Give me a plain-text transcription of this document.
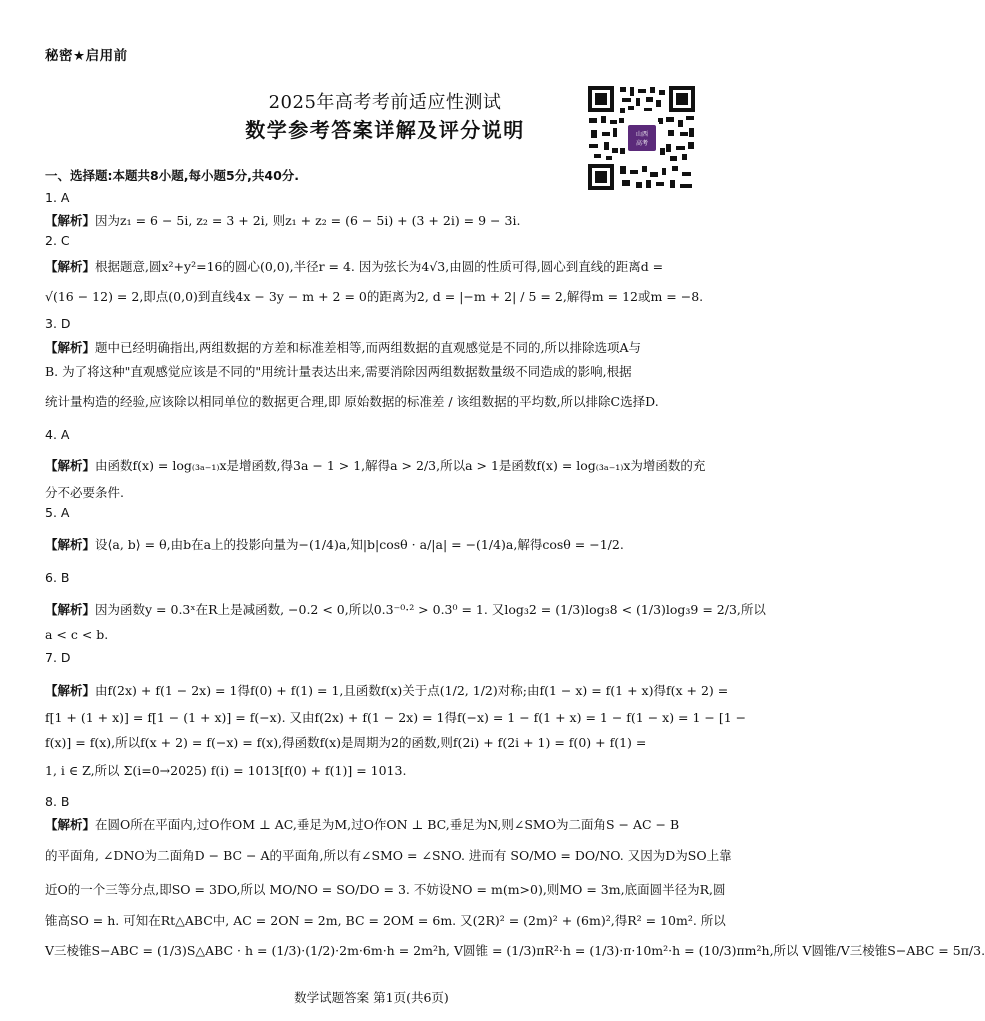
秘密★启用前
2025年高考考前适应性测试
数学参考答案详解及评分说明	山西
高考
一、选择题:本题共8小题,每小题5分,共40分.
1. A
【解析】因为z₁ = 6 − 5i, z₂ = 3 + 2i, 则z₁ + z₂ = (6 − 5i) + (3 + 2i) = 9 − 3i.
2. C
【解析】根据题意,圆x²+y²=16的圆心(0,0),半径r = 4. 因为弦长为4√3,由圆的性质可得,圆心到直线的距离d =
√(16 − 12) = 2,即点(0,0)到直线4x − 3y − m + 2 = 0的距离为2, d = |−m + 2| / 5 = 2,解得m = 12或m = −8.
3. D
【解析】题中已经明确指出,两组数据的方差和标准差相等,而两组数据的直观感觉是不同的,所以排除选项A与
B. 为了将这种"直观感觉应该是不同的"用统计量表达出来,需要消除因两组数据数量级不同造成的影响,根据
统计量构造的经验,应该除以相同单位的数据更合理,即 原始数据的标准差 / 该组数据的平均数,所以排除C选择D.
4. A
【解析】由函数f(x) = log₍₃ₐ₋₁₎x是增函数,得3a − 1 > 1,解得a > 2/3,所以a > 1是函数f(x) = log₍₃ₐ₋₁₎x为增函数的充
分不必要条件.
5. A
【解析】设⟨a, b⟩ = θ,由b在a上的投影向量为−(1/4)a,知|b|cosθ · a/|a| = −(1/4)a,解得cosθ = −1/2.
6. B
【解析】因为函数y = 0.3ˣ在R上是减函数, −0.2 < 0,所以0.3⁻⁰·² > 0.3⁰ = 1. 又log₃2 = (1/3)log₃8 < (1/3)log₃9 = 2/3,所以
a < c < b.
7. D
【解析】由f(2x) + f(1 − 2x) = 1得f(0) + f(1) = 1,且函数f(x)关于点(1/2, 1/2)对称;由f(1 − x) = f(1 + x)得f(x + 2) =
f[1 + (1 + x)] = f[1 − (1 + x)] = f(−x). 又由f(2x) + f(1 − 2x) = 1得f(−x) = 1 − f(1 + x) = 1 − f(1 − x) = 1 − [1 −
f(x)] = f(x),所以f(x + 2) = f(−x) = f(x),得函数f(x)是周期为2的函数,则f(2i) + f(2i + 1) = f(0) + f(1) =
1, i ∈ Z,所以 Σ(i=0→2025) f(i) = 1013[f(0) + f(1)] = 1013.
8. B
【解析】在圆O所在平面内,过O作OM ⊥ AC,垂足为M,过O作ON ⊥ BC,垂足为N,则∠SMO为二面角S − AC − B
的平面角, ∠DNO为二面角D − BC − A的平面角,所以有∠SMO = ∠SNO. 进而有 SO/MO = DO/NO. 又因为D为SO上靠
近O的一个三等分点,即SO = 3DO,所以 MO/NO = SO/DO = 3. 不妨设NO = m(m>0),则MO = 3m,底面圆半径为R,圆
锥高SO = h. 可知在Rt△ABC中, AC = 2ON = 2m, BC = 2OM = 6m. 又(2R)² = (2m)² + (6m)²,得R² = 10m². 所以
V三棱锥S−ABC = (1/3)S△ABC · h = (1/3)·(1/2)·2m·6m·h = 2m²h, V圆锥 = (1/3)πR²·h = (1/3)·π·10m²·h = (10/3)πm²h,所以 V圆锥/V三棱锥S−ABC = 5π/3.
数学试题答案 第1页(共6页)
